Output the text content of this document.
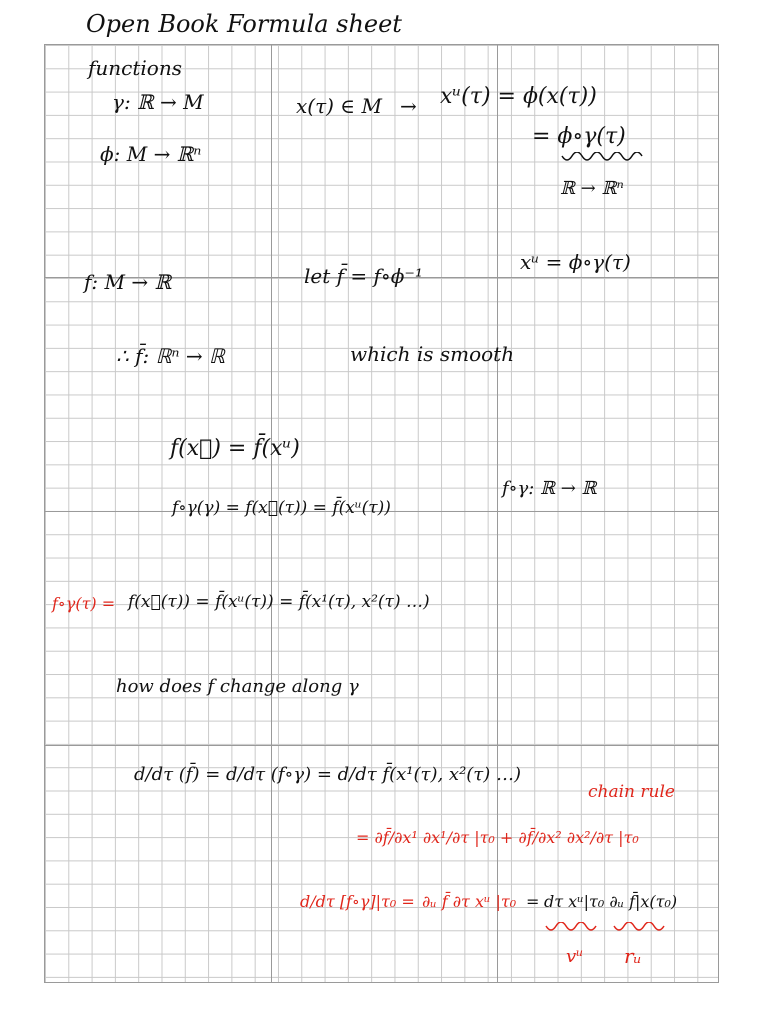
Open Book Formula sheet
functions
γ: ℝ → M
ϕ: M → ℝⁿ
x(τ) ∈ M → xᵘ(τ) = ϕ(x(τ))
= ϕ∘γ(τ)
ℝ → ℝⁿ
f: M → ℝ	let f̄ = f∘ϕ⁻¹
xᵘ = ϕ∘γ(τ)
∴ f̄: ℝⁿ → ℝ	which is smooth
f(x⃗) = f̄(xᵘ)
f∘γ(γ) = f(x⃗(τ)) = f̄(xᵘ(τ))
f∘γ: ℝ → ℝ
f∘γ(τ) = f(x⃗(τ)) = f̄(xᵘ(τ)) = f̄(x¹(τ), x²(τ) …)
how does f change along γ
d/dτ (f̄) = d/dτ (f∘γ) = d/dτ f̄(x¹(τ), x²(τ) …)
chain rule
= ∂f̄/∂x¹ ∂x¹/∂τ |τ₀ + ∂f̄/∂x² ∂x²/∂τ |τ₀
d/dτ [f∘γ]|τ₀ = ∂ᵤ f̄ ∂τ xᵘ |τ₀ = dτ xᵘ|τ₀ ∂ᵤ f̄|x(τ₀)
vᵘ rᵤ
